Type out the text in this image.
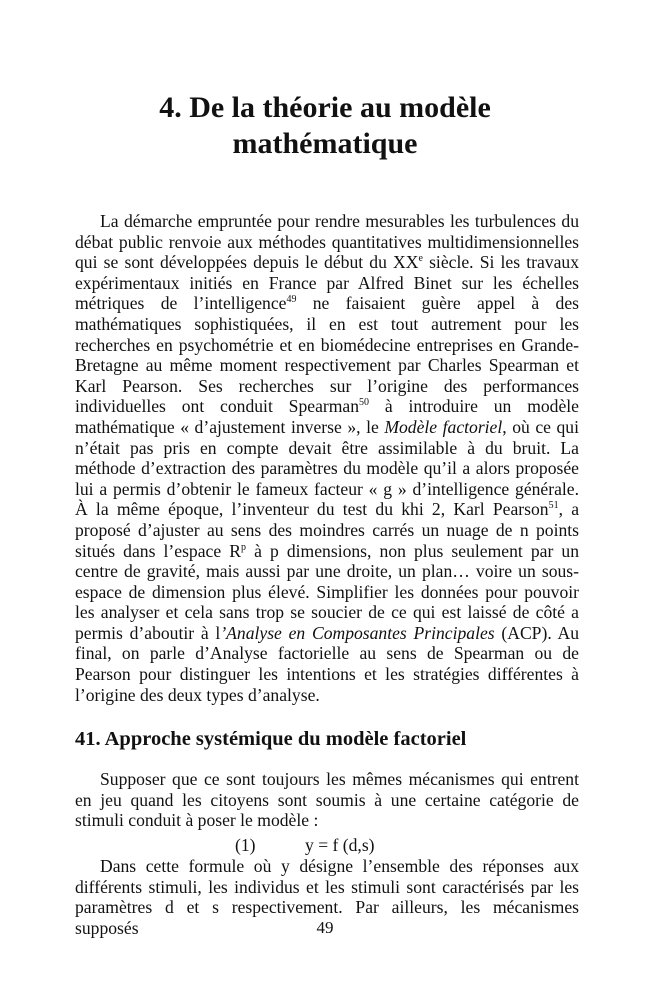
4. De la théorie au modèle
mathématique

La démarche empruntée pour rendre mesurables les turbulences du débat public renvoie aux méthodes quantitatives multidimensionnelles qui se sont développées depuis le début du XXe siècle. Si les travaux expérimentaux initiés en France par Alfred Binet sur les échelles métriques de l’intelligence$^{49}$ ne faisaient guère appel à des mathématiques sophistiquées, il en est tout autrement pour les recherches en psychométrie et en biomédecine entreprises en Grande-Bretagne au même moment respectivement par Charles Spearman et Karl Pearson. Ses recherches sur l’origine des performances individuelles ont conduit Spearman$^{50}$ à introduire un modèle mathématique « d’ajustement inverse », le Modèle factoriel, où ce qui n’était pas pris en compte devait être assimilable à du bruit. La méthode d’extraction des paramètres du modèle qu’il a alors proposée lui a permis d’obtenir le fameux facteur « g » d’intelligence générale. À la même époque, l’inventeur du test du khi 2, Karl Pearson$^{51}$, a proposé d’ajuster au sens des moindres carrés un nuage de n points situés dans l’espace $R^p$ à p dimensions, non plus seulement par un centre de gravité, mais aussi par une droite, un plan… voire un sous-espace de dimension plus élevé. Simplifier les données pour pouvoir les analyser et cela sans trop se soucier de ce qui est laissé de côté a permis d’aboutir à l’Analyse en Composantes Principales (ACP). Au final, on parle d’Analyse factorielle au sens de Spearman ou de Pearson pour distinguer les intentions et les stratégies différentes à l’origine des deux types d’analyse.

41. Approche systémique du modèle factoriel

Supposer que ce sont toujours les mêmes mécanismes qui entrent en jeu quand les citoyens sont soumis à une certaine catégorie de stimuli conduit à poser le modèle :

(1)	y = f (d,s)

Dans cette formule où y désigne l’ensemble des réponses aux différents stimuli, les individus et les stimuli sont caractérisés par les paramètres d et s respectivement. Par ailleurs, les mécanismes supposés	49
